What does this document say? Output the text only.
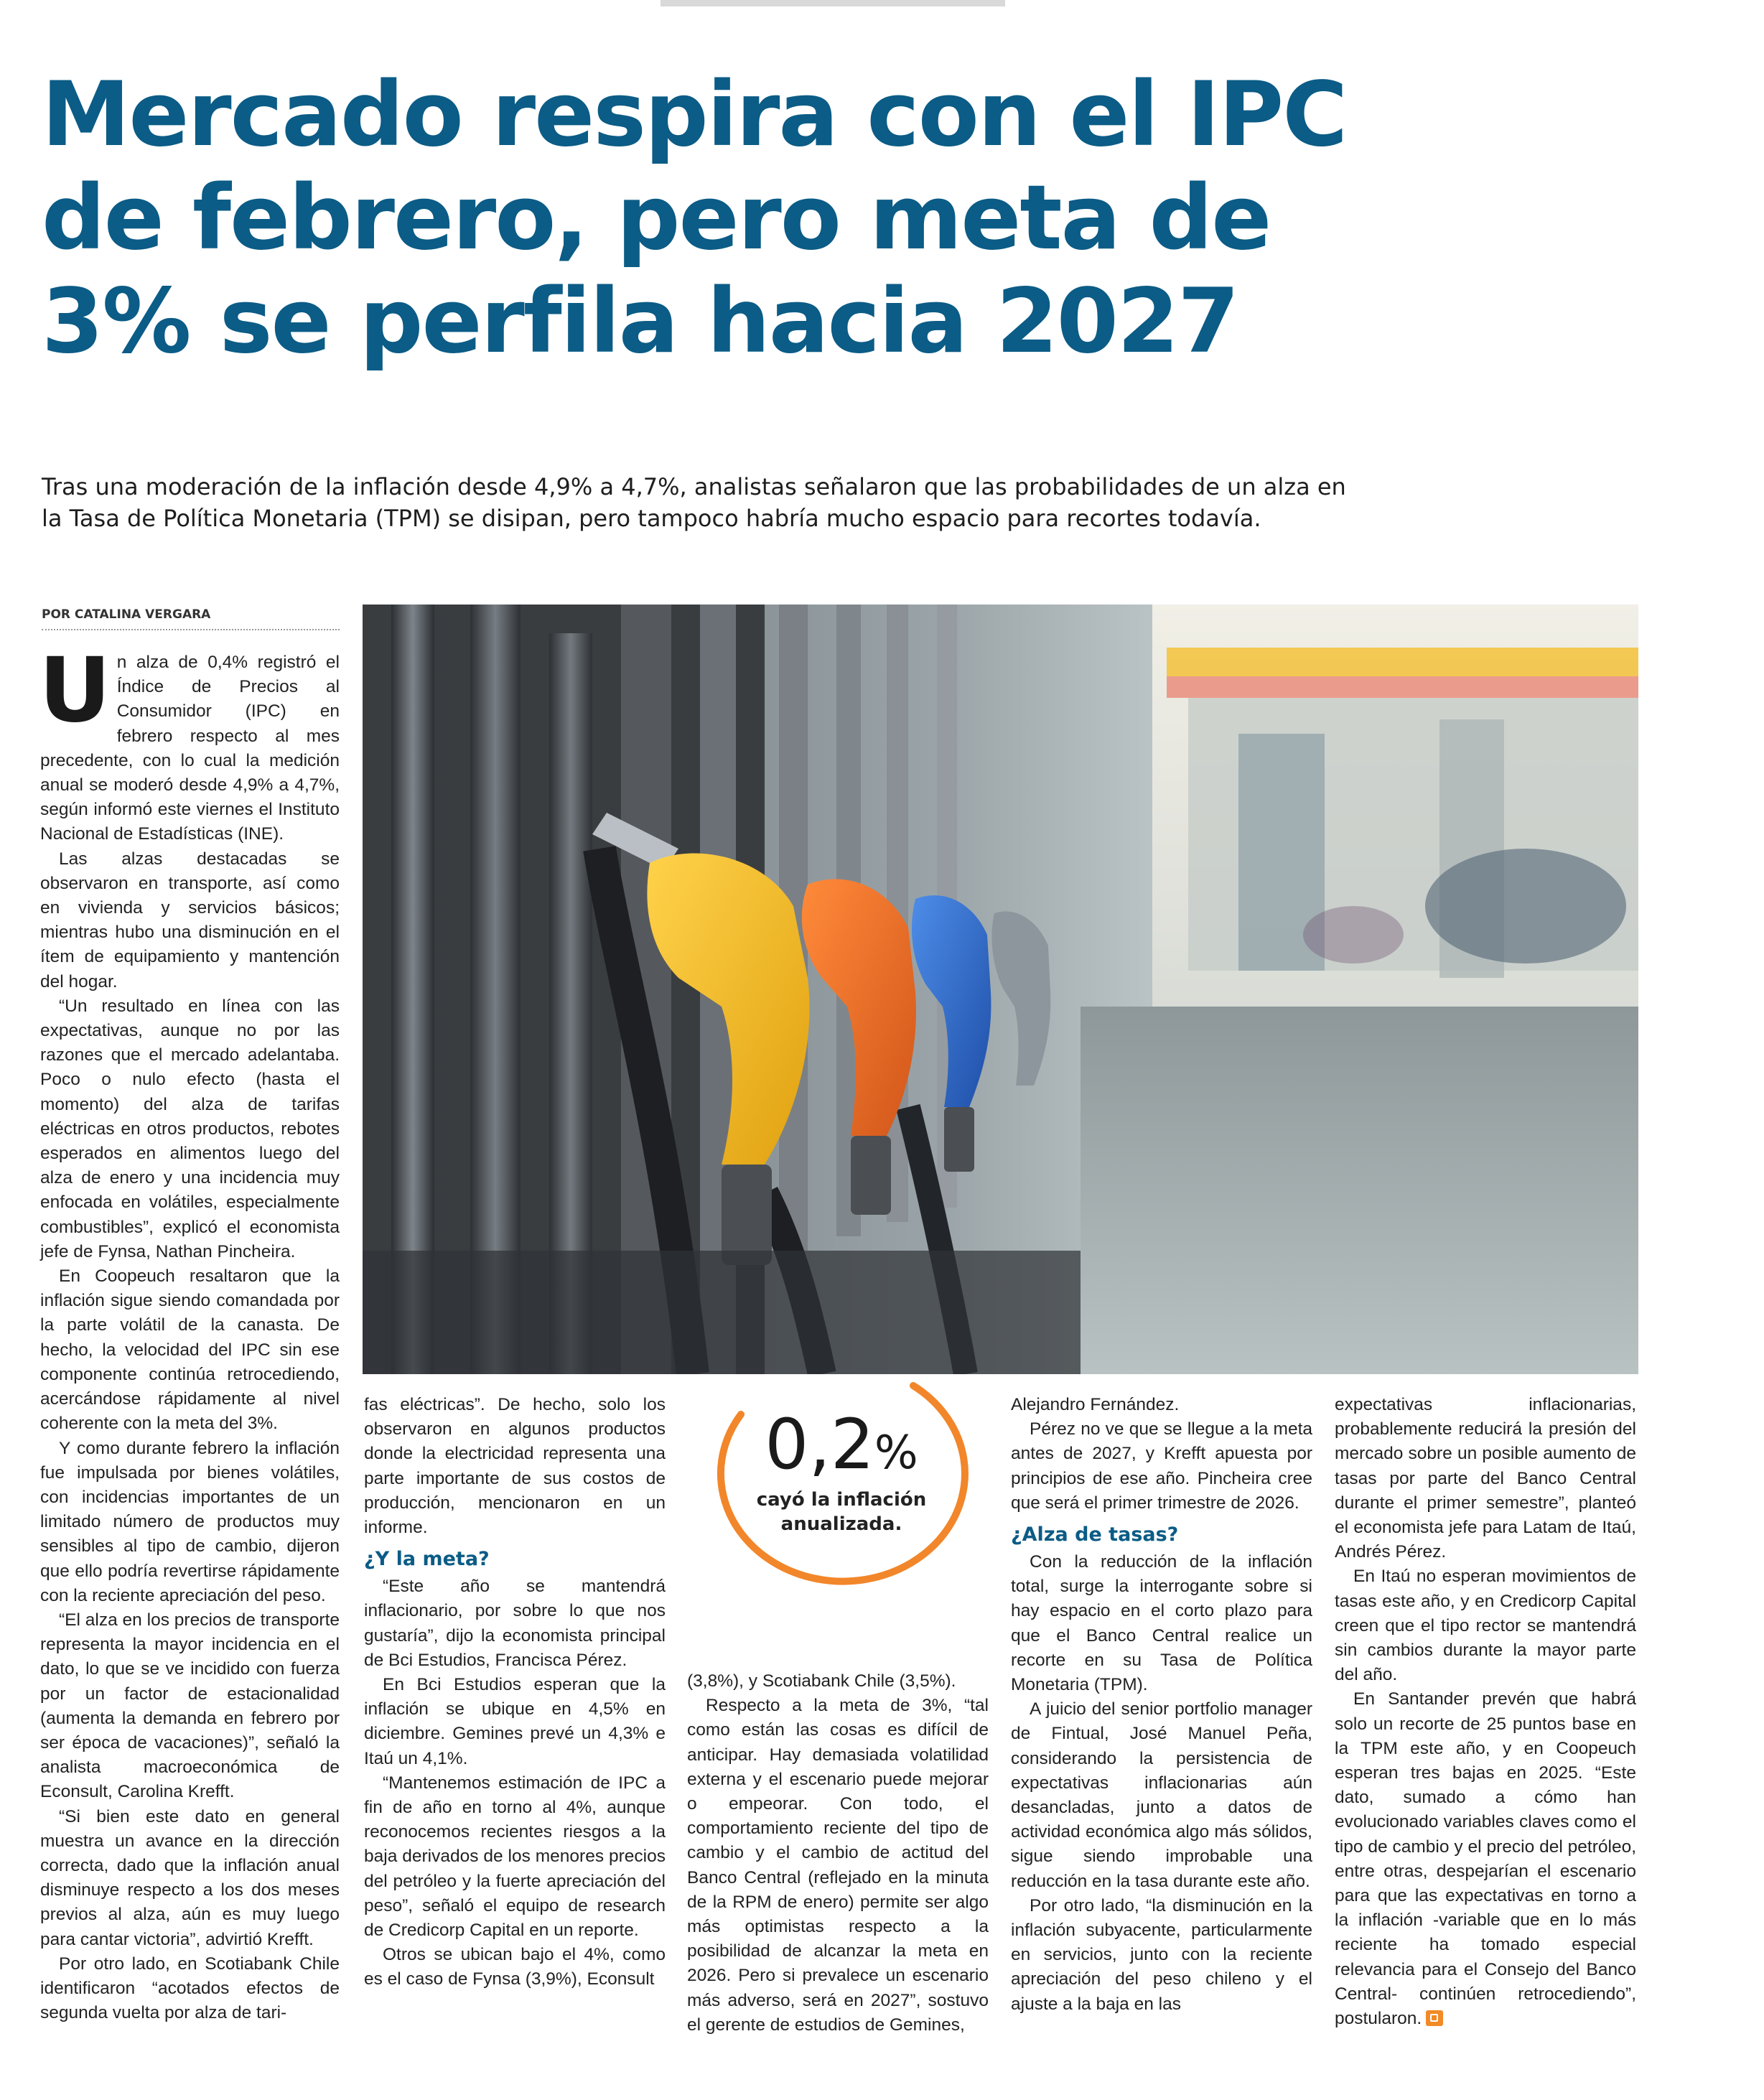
Mercado respira con el IPC de febrero, pero meta de 3% se perfila hacia 2027

Tras una moderación de la inflación desde 4,9% a 4,7%, analistas señalaron que las probabilidades de un alza en la Tasa de Política Monetaria (TPM) se disipan, pero tampoco habría mucho espacio para recortes todavía.

POR CATALINA VERGARA

0,2%
cayó la inflación anualizada.

Un alza de 0,4% registró el Índice de Precios al Consumidor (IPC) en febrero respecto al mes precedente, con lo cual la medición anual se moderó desde 4,9% a 4,7%, según informó este viernes el Instituto Nacional de Estadísticas (INE).

Las alzas destacadas se observaron en transporte, así como en vivienda y servicios básicos; mientras hubo una disminución en el ítem de equipamiento y mantención del hogar.

“Un resultado en línea con las expectativas, aunque no por las razones que el mercado adelantaba. Poco o nulo efecto (hasta el momento) del alza de tarifas eléctricas en otros productos, rebotes esperados en alimentos luego del alza de enero y una incidencia muy enfocada en volátiles, especialmente combustibles”, explicó el economista jefe de Fynsa, Nathan Pincheira.

En Coopeuch resaltaron que la inflación sigue siendo comandada por la parte volátil de la canasta. De hecho, la velocidad del IPC sin ese componente continúa retrocediendo, acercándose rápidamente al nivel coherente con la meta del 3%.

Y como durante febrero la inflación fue impulsada por bienes volátiles, con incidencias importantes de un limitado número de productos muy sensibles al tipo de cambio, dijeron que ello podría revertirse rápidamente con la reciente apreciación del peso.

“El alza en los precios de transporte representa la mayor incidencia en el dato, lo que se ve incidido con fuerza por un factor de estacionalidad (aumenta la demanda en febrero por ser época de vacaciones)”, señaló la analista macroeconómica de Econsult, Carolina Krefft.

“Si bien este dato en general muestra un avance en la dirección correcta, dado que la inflación anual disminuye respecto a los dos meses previos al alza, aún es muy luego para cantar victoria”, advirtió Krefft.

Por otro lado, en Scotiabank Chile identificaron “acotados efectos de segunda vuelta por alza de tari-

fas eléctricas”. De hecho, solo los observaron en algunos productos donde la electricidad representa una parte importante de sus costos de producción, mencionaron en un informe.

¿Y la meta?

“Este año se mantendrá inflacionario, por sobre lo que nos gustaría”, dijo la economista principal de Bci Estudios, Francisca Pérez.

En Bci Estudios esperan que la inflación se ubique en 4,5% en diciembre. Gemines prevé un 4,3% e Itaú un 4,1%.

“Mantenemos estimación de IPC a fin de año en torno al 4%, aunque reconocemos recientes riesgos a la baja derivados de los menores precios del petróleo y la fuerte apreciación del peso”, señaló el equipo de research de Credicorp Capital en un reporte.

Otros se ubican bajo el 4%, como es el caso de Fynsa (3,9%), Econsult

(3,8%), y Scotiabank Chile (3,5%).

Respecto a la meta de 3%, “tal como están las cosas es difícil de anticipar. Hay demasiada volatilidad externa y el escenario puede mejorar o empeorar. Con todo, el comportamiento reciente del tipo de cambio y el cambio de actitud del Banco Central (reflejado en la minuta de la RPM de enero) permite ser algo más optimistas respecto a la posibilidad de alcanzar la meta en 2026. Pero si prevalece un escenario más adverso, será en 2027”, sostuvo el gerente de estudios de Gemines,

Alejandro Fernández.

Pérez no ve que se llegue a la meta antes de 2027, y Krefft apuesta por principios de ese año. Pincheira cree que será el primer trimestre de 2026.

¿Alza de tasas?

Con la reducción de la inflación total, surge la interrogante sobre si hay espacio en el corto plazo para que el Banco Central realice un recorte en su Tasa de Política Monetaria (TPM).

A juicio del senior portfolio manager de Fintual, José Manuel Peña, considerando la persistencia de expectativas inflacionarias aún desancladas, junto a datos de actividad económica algo más sólidos, sigue siendo improbable una reducción en la tasa durante este año.

Por otro lado, “la disminución en la inflación subyacente, particularmente en servicios, junto con la reciente apreciación del peso chileno y el ajuste a la baja en las

expectativas inflacionarias, probablemente reducirá la presión del mercado sobre un posible aumento de tasas por parte del Banco Central durante el primer semestre”, planteó el economista jefe para Latam de Itaú, Andrés Pérez.

En Itaú no esperan movimientos de tasas este año, y en Credicorp Capital creen que el tipo rector se mantendrá sin cambios durante la mayor parte del año.

En Santander prevén que habrá solo un recorte de 25 puntos base en la TPM este año, y en Coopeuch esperan tres bajas en 2025. “Este dato, sumado a cómo han evolucionado variables claves como el tipo de cambio y el precio del petróleo, entre otras, despejarían el escenario para que las expectativas en torno a la inflación -variable que en lo más reciente ha tomado especial relevancia para el Consejo del Banco Central- continúen retrocediendo”, postularon.
